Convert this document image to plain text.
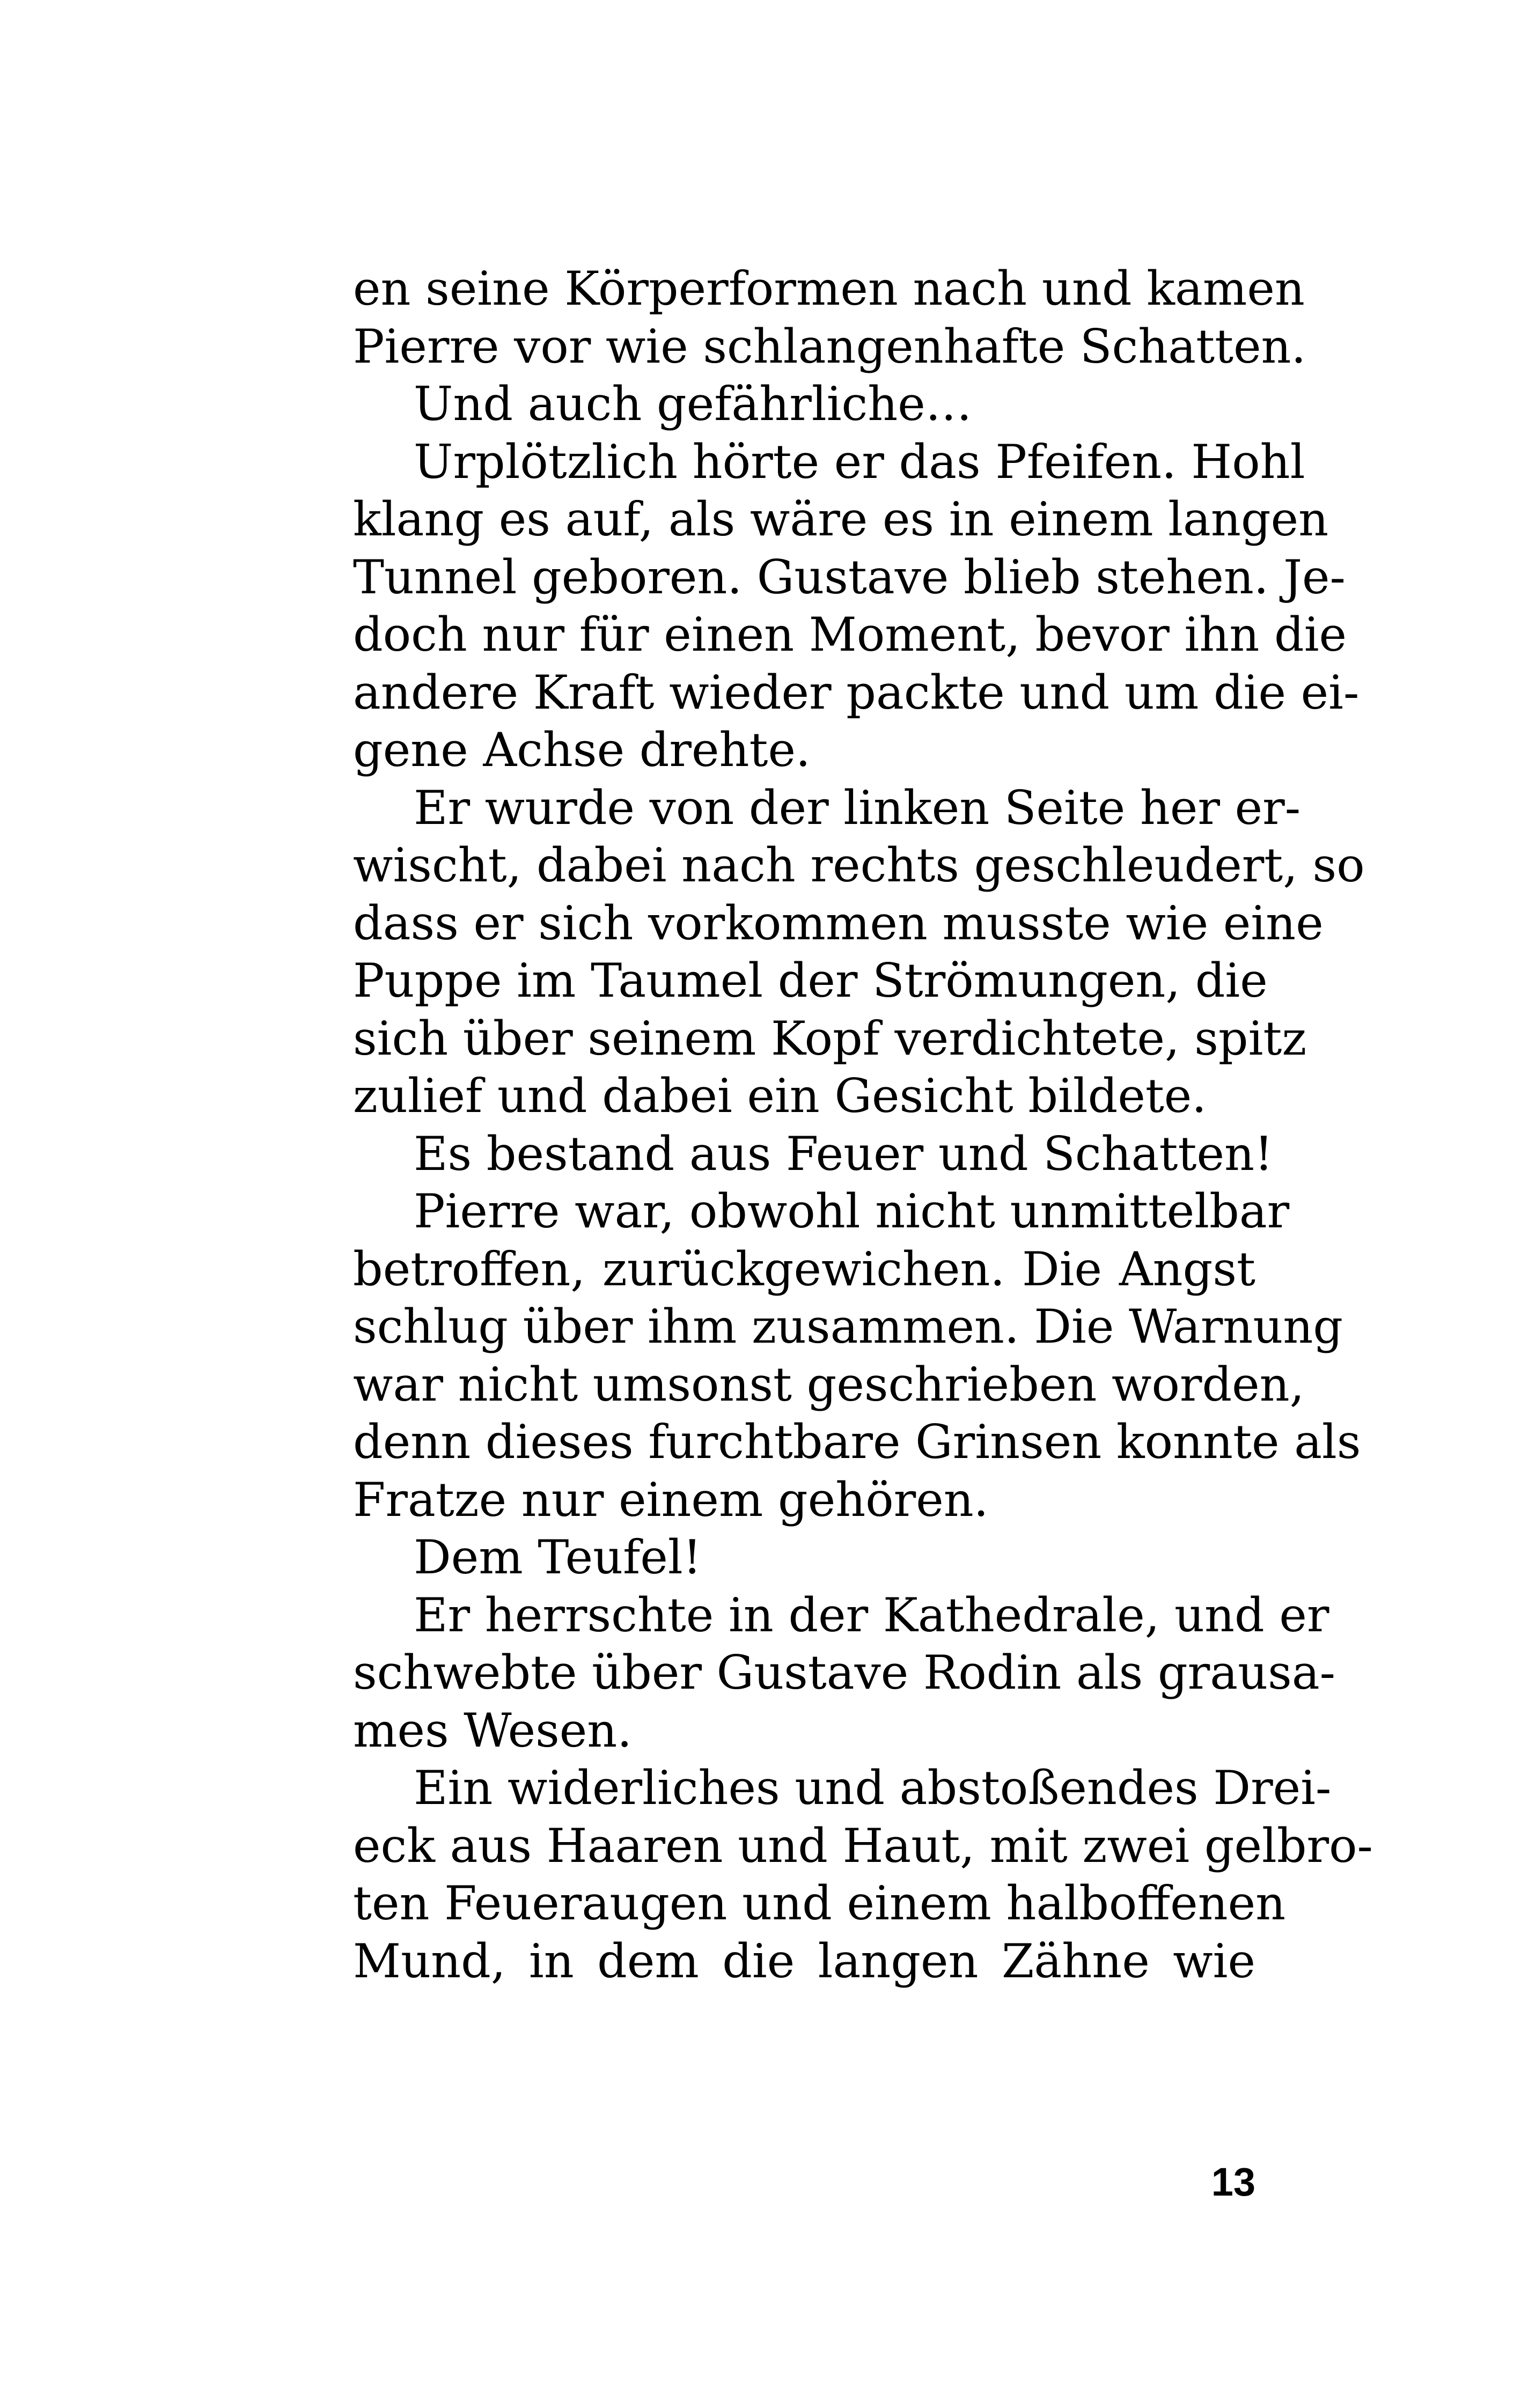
en seine Körperformen nach und kamen
Pierre vor wie schlangenhafte Schatten.
Und auch gefährliche…
Urplötzlich hörte er das Pfeifen. Hohl
klang es auf, als wäre es in einem langen
Tunnel geboren. Gustave blieb stehen. Je-
doch nur für einen Moment, bevor ihn die
andere Kraft wieder packte und um die ei-
gene Achse drehte.
Er wurde von der linken Seite her er-
wischt, dabei nach rechts geschleudert, so
dass er sich vorkommen musste wie eine
Puppe im Taumel der Strömungen, die
sich über seinem Kopf verdichtete, spitz
zulief und dabei ein Gesicht bildete.
Es bestand aus Feuer und Schatten!
Pierre war, obwohl nicht unmittelbar
betroffen, zurückgewichen. Die Angst
schlug über ihm zusammen. Die Warnung
war nicht umsonst geschrieben worden,
denn dieses furchtbare Grinsen konnte als
Fratze nur einem gehören.
Dem Teufel!
Er herrschte in der Kathedrale, und er
schwebte über Gustave Rodin als grausa-
mes Wesen.
Ein widerliches und abstoßendes Drei-
eck aus Haaren und Haut, mit zwei gelbro-
ten Feueraugen und einem halboffenen
Mund, in dem die langen Zähne wie
13
